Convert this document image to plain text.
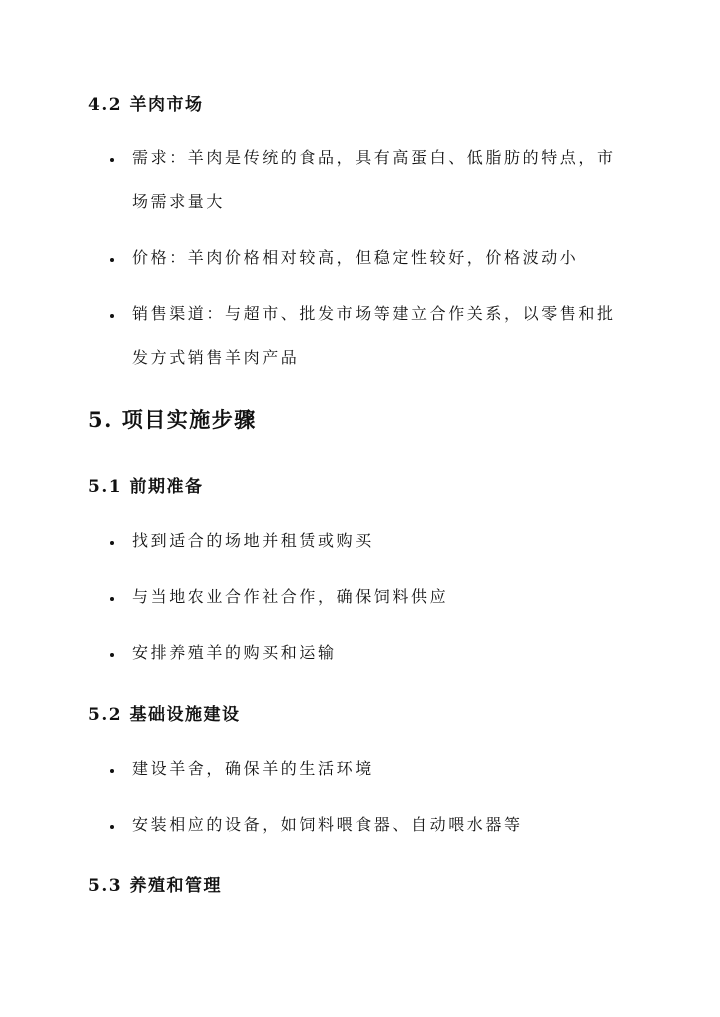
4.2 羊肉市场
需求：羊肉是传统的食品，具有高蛋白、低脂肪的特点，市场需求量大
价格：羊肉价格相对较高，但稳定性较好，价格波动小
销售渠道：与超市、批发市场等建立合作关系，以零售和批发方式销售羊肉产品
5. 项目实施步骤
5.1 前期准备
找到适合的场地并租赁或购买
与当地农业合作社合作，确保饲料供应
安排养殖羊的购买和运输
5.2 基础设施建设
建设羊舍，确保羊的生活环境
安装相应的设备，如饲料喂食器、自动喂水器等
5.3 养殖和管理
